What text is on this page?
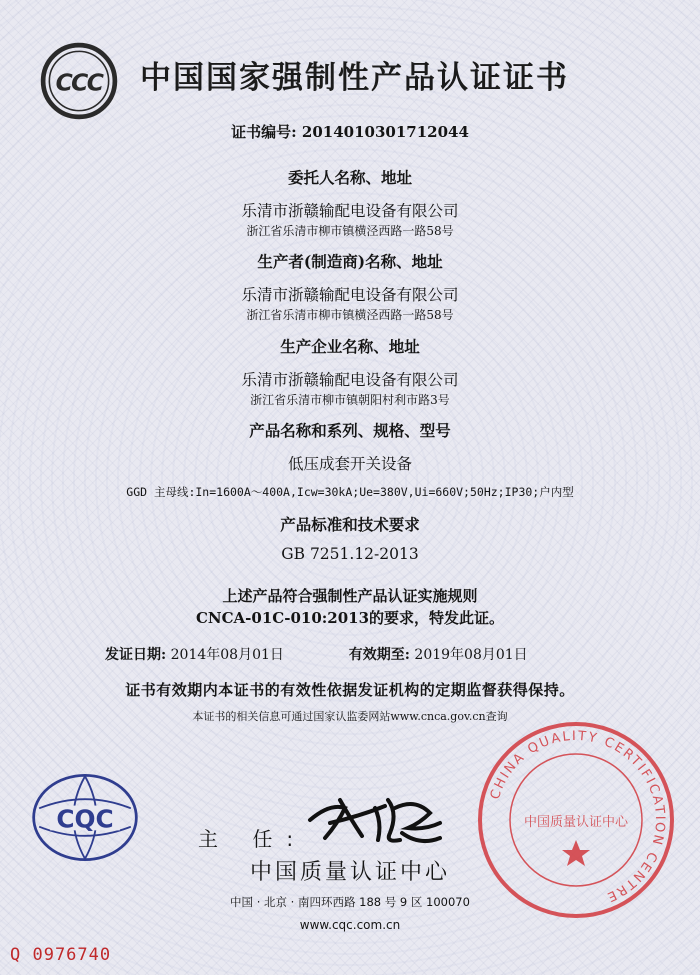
CCC 中国国家强制性产品认证证书
证书编号: 2014010301712044
委托人名称、地址
乐清市浙赣输配电设备有限公司
浙江省乐清市柳市镇横泾西路一路58号
生产者(制造商)名称、地址
乐清市浙赣输配电设备有限公司
浙江省乐清市柳市镇横泾西路一路58号
生产企业名称、地址
乐清市浙赣输配电设备有限公司
浙江省乐清市柳市镇朝阳村利市路3号
产品名称和系列、规格、型号
低压成套开关设备
GGD 主母线:In=1600A～400A,Icw=30kA;Ue=380V,Ui=660V;50Hz;IP30;户内型
产品标准和技术要求
GB 7251.12-2013
上述产品符合强制性产品认证实施规则
CNCA-01C-010:2013的要求，特发此证。
发证日期: 2014年08月01日	有效期至: 2019年08月01日
证书有效期内本证书的有效性依据发证机构的定期监督获得保持。
本证书的相关信息可通过国家认监委网站www.cnca.gov.cn查询
CQC
主 任:
中国质量认证中心
中国 · 北京 · 南四环西路 188 号 9 区 100070
www.cqc.com.cn
CHINA QUALITY CERTIFICATION CENTRE
中国质量认证中心
Q 0976740
